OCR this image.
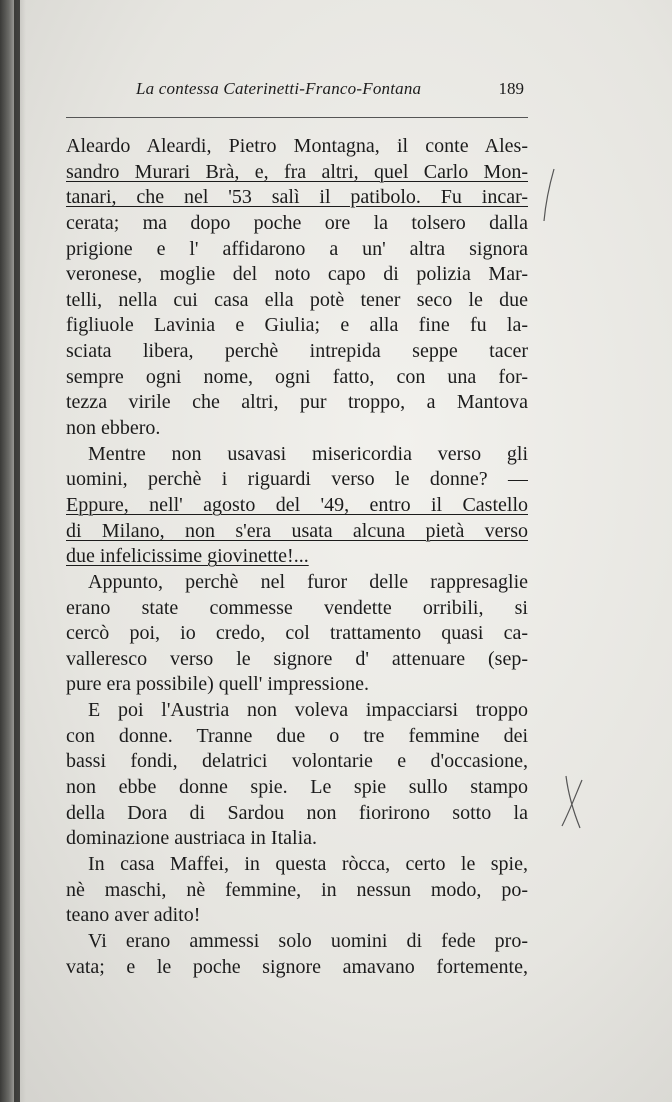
La contessa Caterinetti-Franco-Fontana	189
Aleardo Aleardi, Pietro Montagna, il conte Ales-
sandro Murari Brà, e, fra altri, quel Carlo Mon-
tanari, che nel '53 salì il patibolo. Fu incar-
cerata; ma dopo poche ore la tolsero dalla
prigione e l' affidarono a un' altra signora
veronese, moglie del noto capo di polizia Mar-
telli, nella cui casa ella potè tener seco le due
figliuole Lavinia e Giulia; e alla fine fu la-
sciata libera, perchè intrepida seppe tacer
sempre ogni nome, ogni fatto, con una for-
tezza virile che altri, pur troppo, a Mantova
non ebbero.
Mentre non usavasi misericordia verso gli
uomini, perchè i riguardi verso le donne? —
Eppure, nell' agosto del '49, entro il Castello
di Milano, non s'era usata alcuna pietà verso
due infelicissime giovinette!...
Appunto, perchè nel furor delle rappresaglie
erano state commesse vendette orribili, si
cercò poi, io credo, col trattamento quasi ca-
valleresco verso le signore d' attenuare (sep-
pure era possibile) quell' impressione.
E poi l'Austria non voleva impacciarsi troppo
con donne. Tranne due o tre femmine dei
bassi fondi, delatrici volontarie e d'occasione,
non ebbe donne spie. Le spie sullo stampo
della Dora di Sardou non fiorirono sotto la
dominazione austriaca in Italia.
In casa Maffei, in questa ròcca, certo le spie,
nè maschi, nè femmine, in nessun modo, po-
teano aver adito!
Vi erano ammessi solo uomini di fede pro-
vata; e le poche signore amavano fortemente,
